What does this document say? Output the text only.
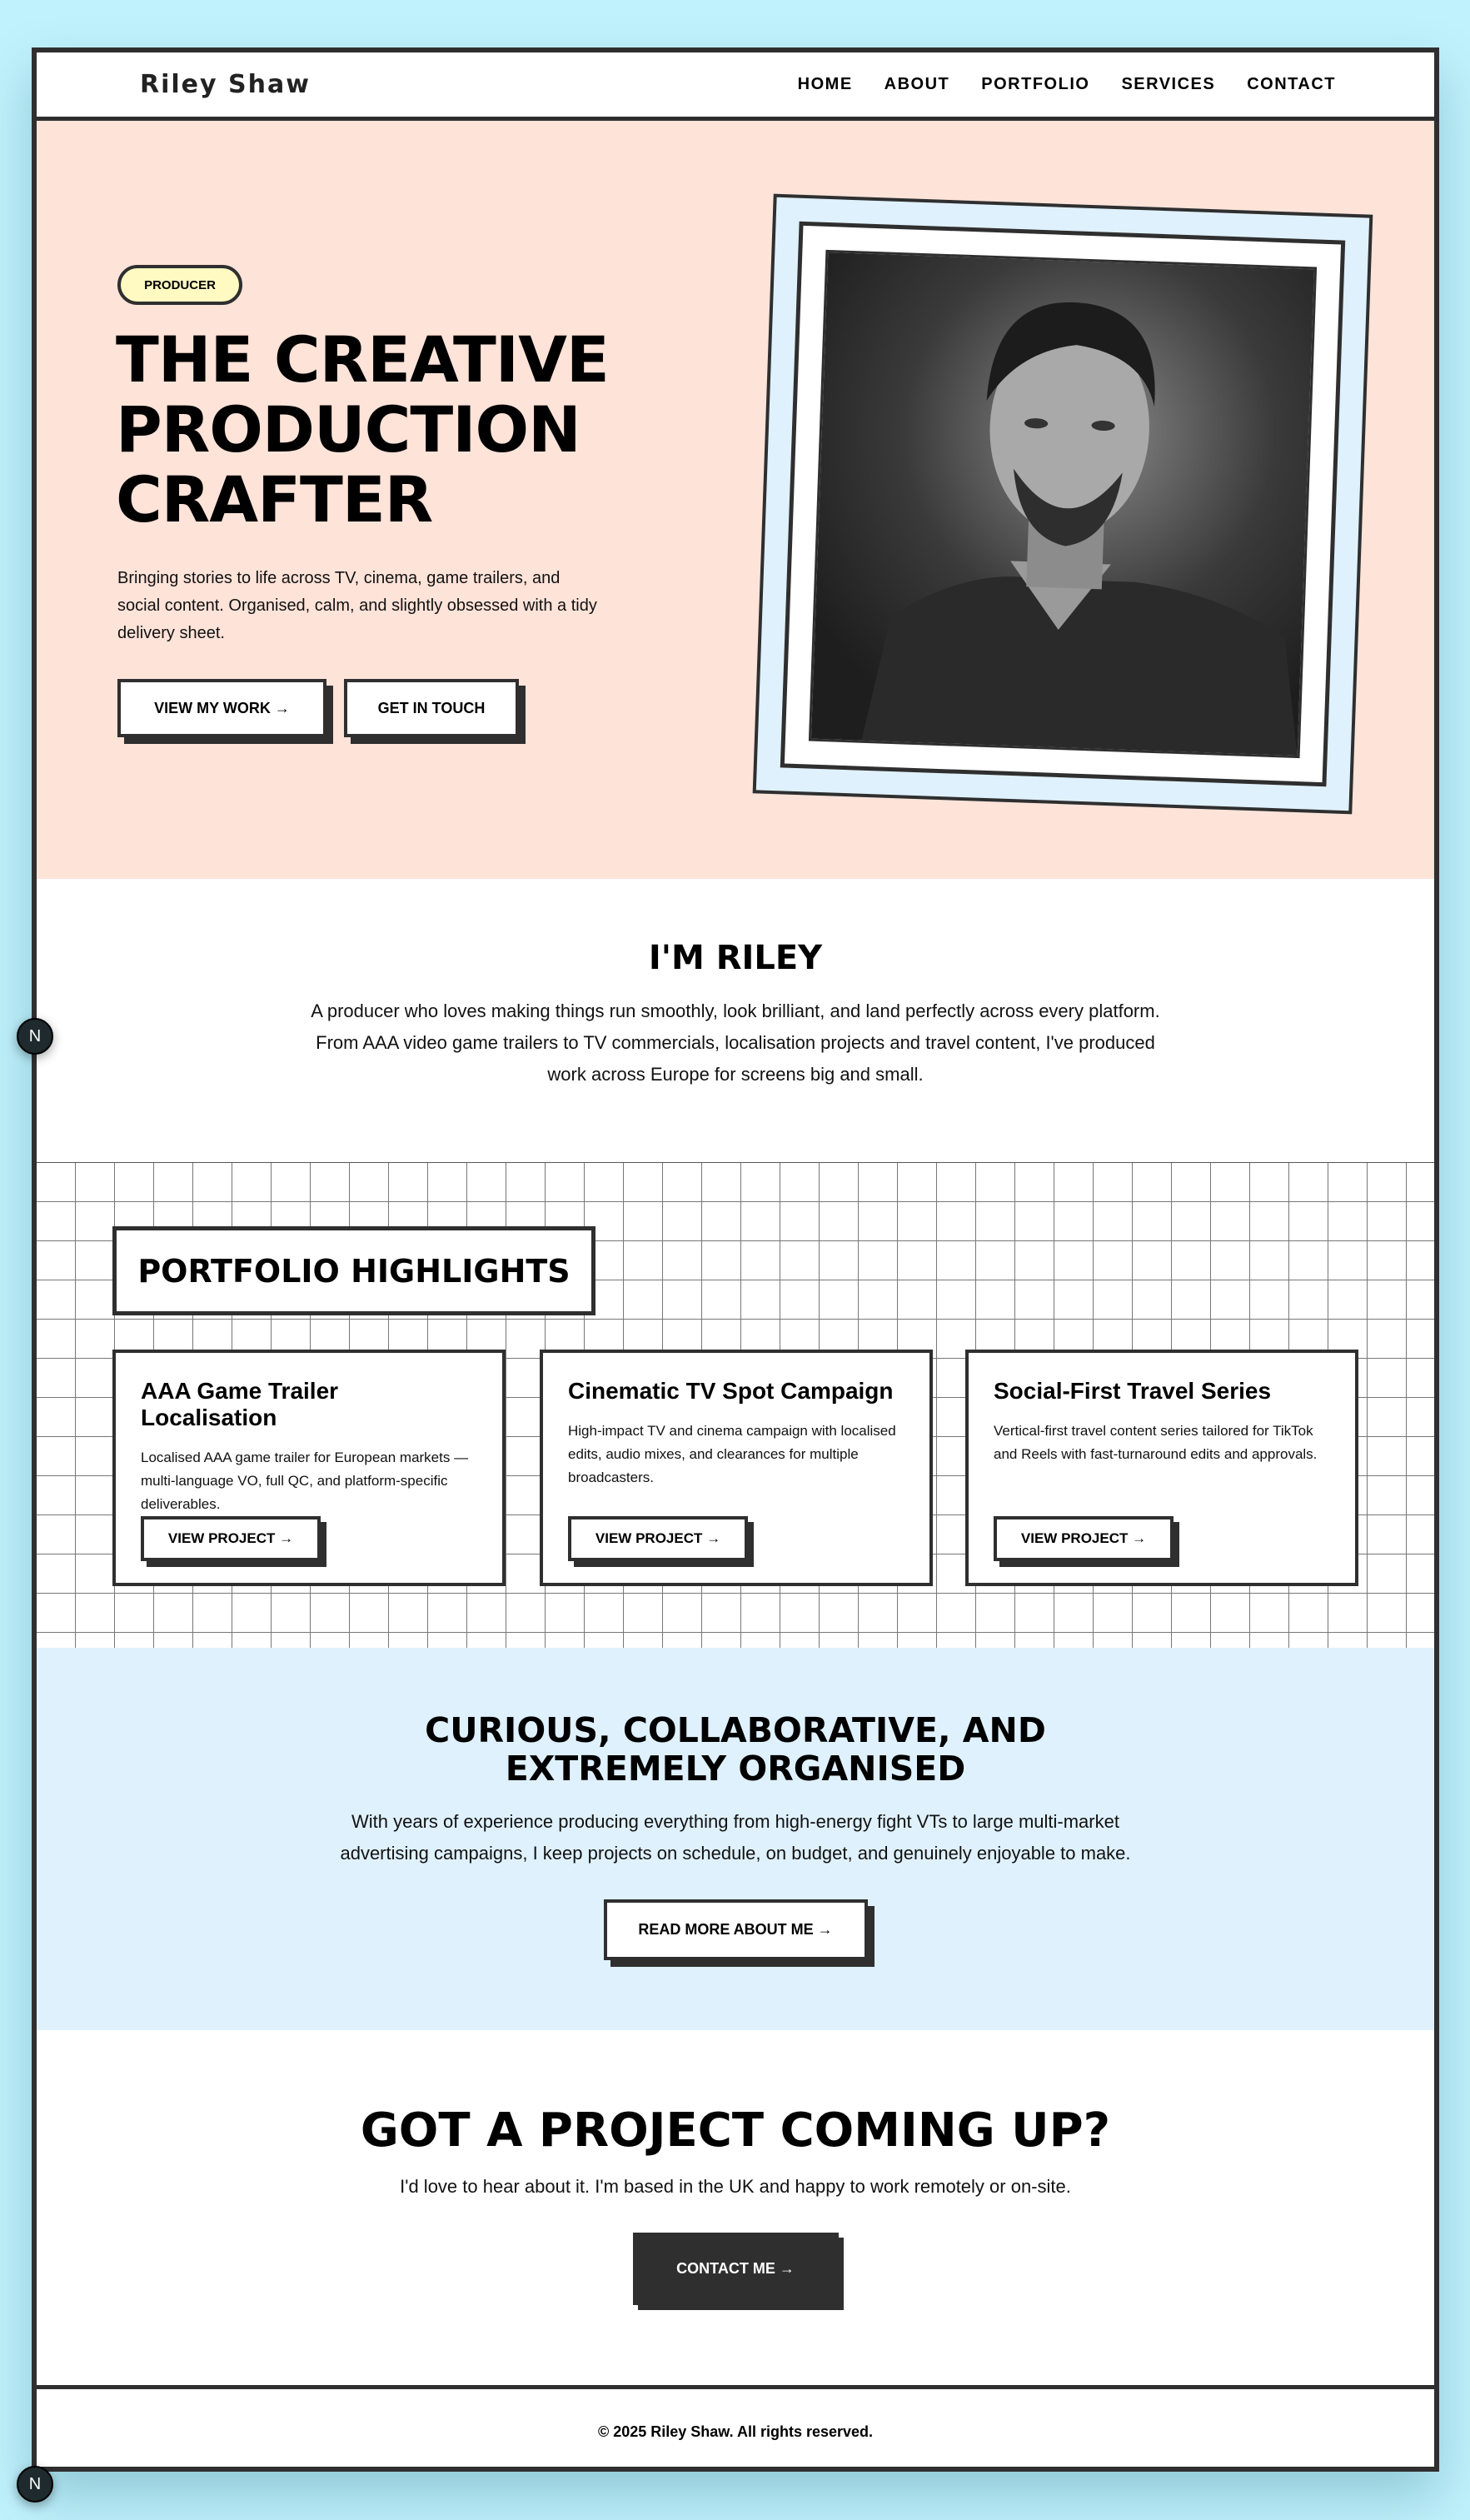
Riley Shaw	HOME ABOUT PORTFOLIO SERVICES CONTACT
PRODUCER
THE CREATIVE
PRODUCTION
CRAFTER

Bringing stories to life across TV, cinema, game trailers, and social content. Organised, calm, and slightly obsessed with a tidy delivery sheet.

VIEW MY WORK →	GET IN TOUCH
I'M RILEY

A producer who loves making things run smoothly, look brilliant, and land perfectly across every platform. From AAA video game trailers to TV commercials, localisation projects and travel content, I've produced work across Europe for screens big and small.

PORTFOLIO HIGHLIGHTS
AAA Game Trailer Localisation

Localised AAA game trailer for European markets — multi-language VO, full QC, and platform-specific deliverables.

VIEW PROJECT →
Cinematic TV Spot Campaign

High-impact TV and cinema campaign with localised edits, audio mixes, and clearances for multiple broadcasters.

VIEW PROJECT →
Social-First Travel Series

Vertical-first travel content series tailored for TikTok and Reels with fast-turnaround edits and approvals.

VIEW PROJECT →
CURIOUS, COLLABORATIVE, AND EXTREMELY ORGANISED

With years of experience producing everything from high-energy fight VTs to large multi-market advertising campaigns, I keep projects on schedule, on budget, and genuinely enjoyable to make.

READ MORE ABOUT ME →
GOT A PROJECT COMING UP?

I'd love to hear about it. I'm based in the UK and happy to work remotely or on-site.

CONTACT ME →
© 2025 Riley Shaw. All rights reserved.
N
N
